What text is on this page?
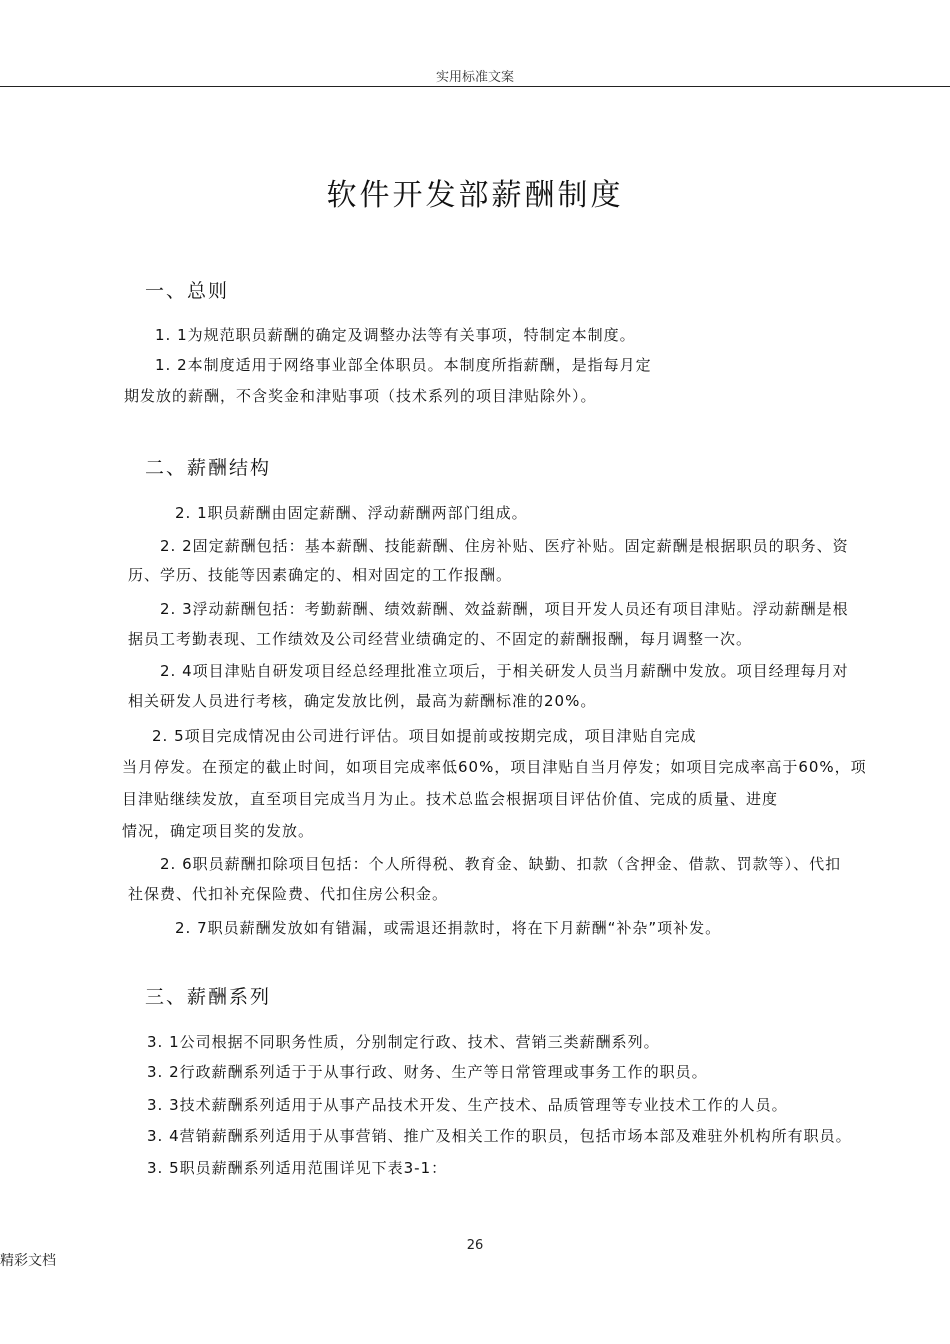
实用标准文案
软件开发部薪酬制度
一、总则
1. 1为规范职员薪酬的确定及调整办法等有关事项，特制定本制度。
1. 2本制度适用于网络事业部全体职员。本制度所指薪酬，是指每月定
期发放的薪酬，不含奖金和津贴事项（技术系列的项目津贴除外）。
二、薪酬结构
2. 1职员薪酬由固定薪酬、浮动薪酬两部门组成。
2. 2固定薪酬包括：基本薪酬、技能薪酬、住房补贴、医疗补贴。固定薪酬是根据职员的职务、资
历、学历、技能等因素确定的、相对固定的工作报酬。
2. 3浮动薪酬包括：考勤薪酬、绩效薪酬、效益薪酬，项目开发人员还有项目津贴。浮动薪酬是根
据员工考勤表现、工作绩效及公司经营业绩确定的、不固定的薪酬报酬，每月调整一次。
2. 4项目津贴自研发项目经总经理批准立项后，于相关研发人员当月薪酬中发放。项目经理每月对
相关研发人员进行考核，确定发放比例，最高为薪酬标准的20%。
2. 5项目完成情况由公司进行评估。项目如提前或按期完成，项目津贴自完成
当月停发。在预定的截止时间，如项目完成率低60%，项目津贴自当月停发；如项目完成率高于60%，项
目津贴继续发放，直至项目完成当月为止。技术总监会根据项目评估价值、完成的质量、进度
情况，确定项目奖的发放。
2. 6职员薪酬扣除项目包括：个人所得税、教育金、缺勤、扣款（含押金、借款、罚款等）、代扣
社保费、代扣补充保险费、代扣住房公积金。
2. 7职员薪酬发放如有错漏，或需退还捐款时，将在下月薪酬“补杂”项补发。
三、薪酬系列
3. 1公司根据不同职务性质，分别制定行政、技术、营销三类薪酬系列。
3. 2行政薪酬系列适于于从事行政、财务、生产等日常管理或事务工作的职员。
3. 3技术薪酬系列适用于从事产品技术开发、生产技术、品质管理等专业技术工作的人员。
3. 4营销薪酬系列适用于从事营销、推广及相关工作的职员，包括市场本部及难驻外机构所有职员。
3. 5职员薪酬系列适用范围详见下表3-1：
26
精彩文档
